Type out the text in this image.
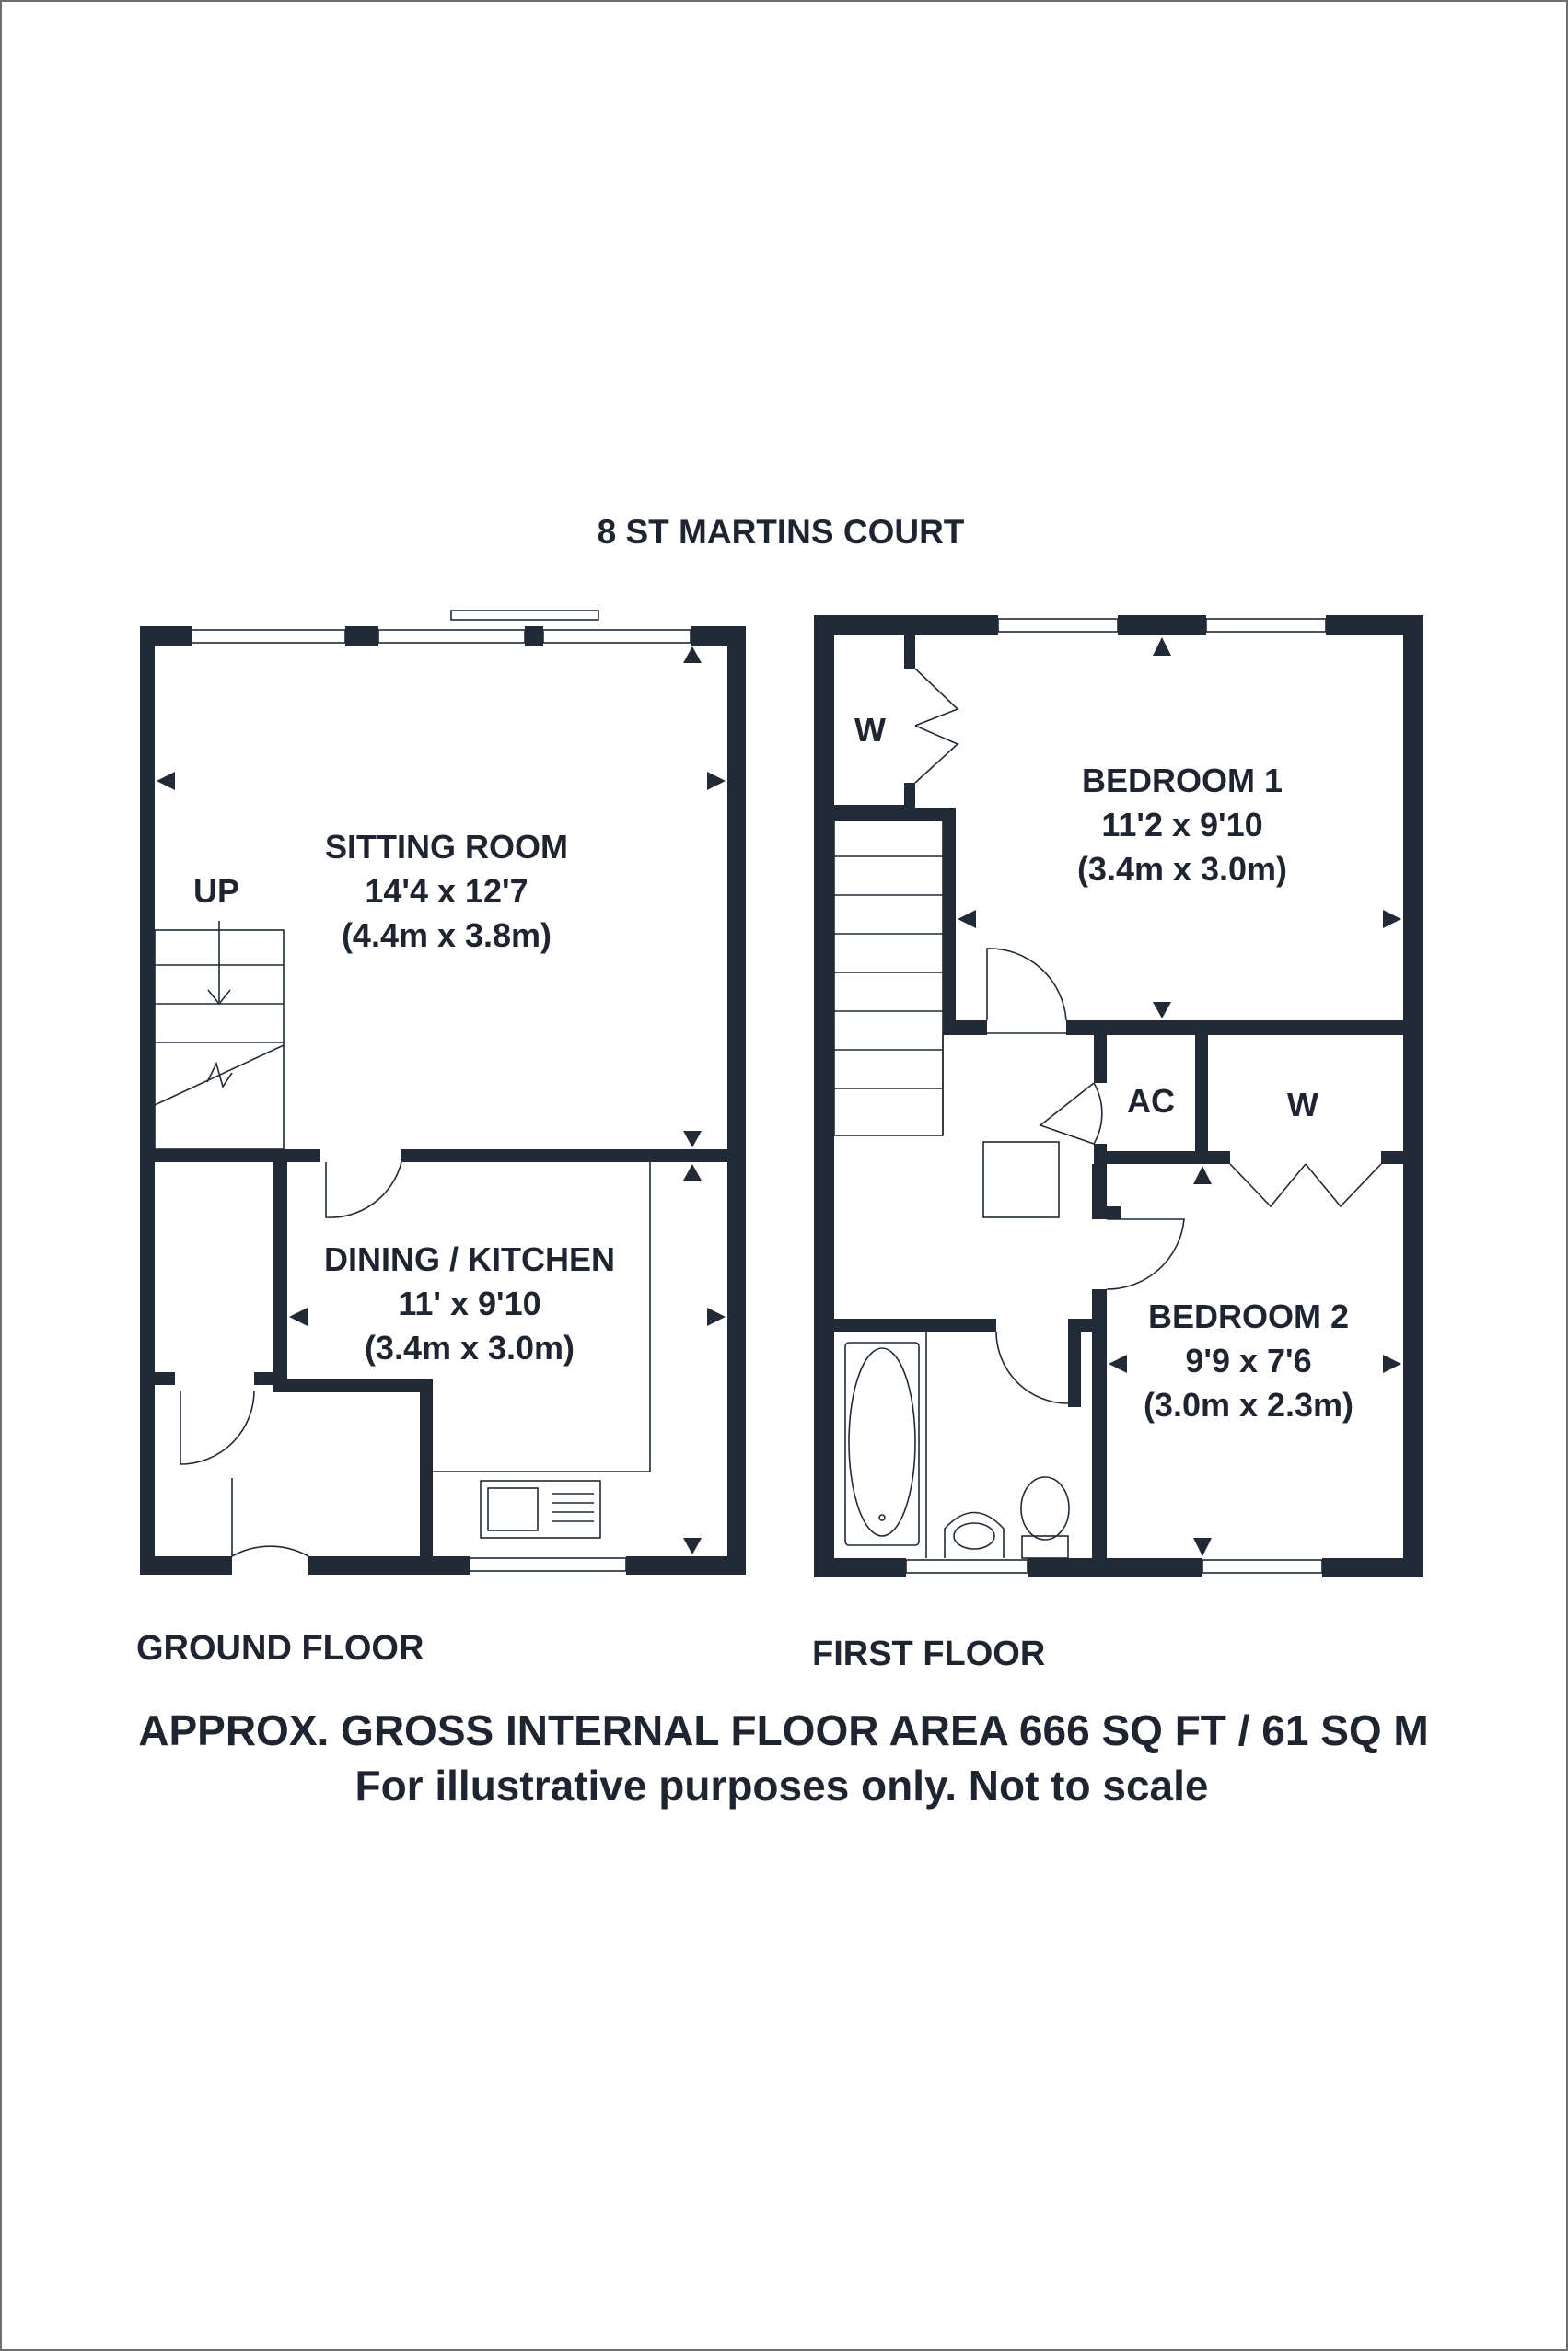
8 ST MARTINS COURT
UP
SITTING ROOM
14'4 x 12'7
(4.4m x 3.8m)
DINING / KITCHEN
11' x 9'10
(3.4m x 3.0m)
GROUND FLOOR
W
AC	W
BEDROOM 1
11'2 x 9'10
(3.4m x 3.0m)
BEDROOM 2
9'9 x 7'6
(3.0m x 2.3m)
FIRST FLOOR
APPROX. GROSS INTERNAL FLOOR AREA 666 SQ FT / 61 SQ M
For illustrative purposes only. Not to scale
